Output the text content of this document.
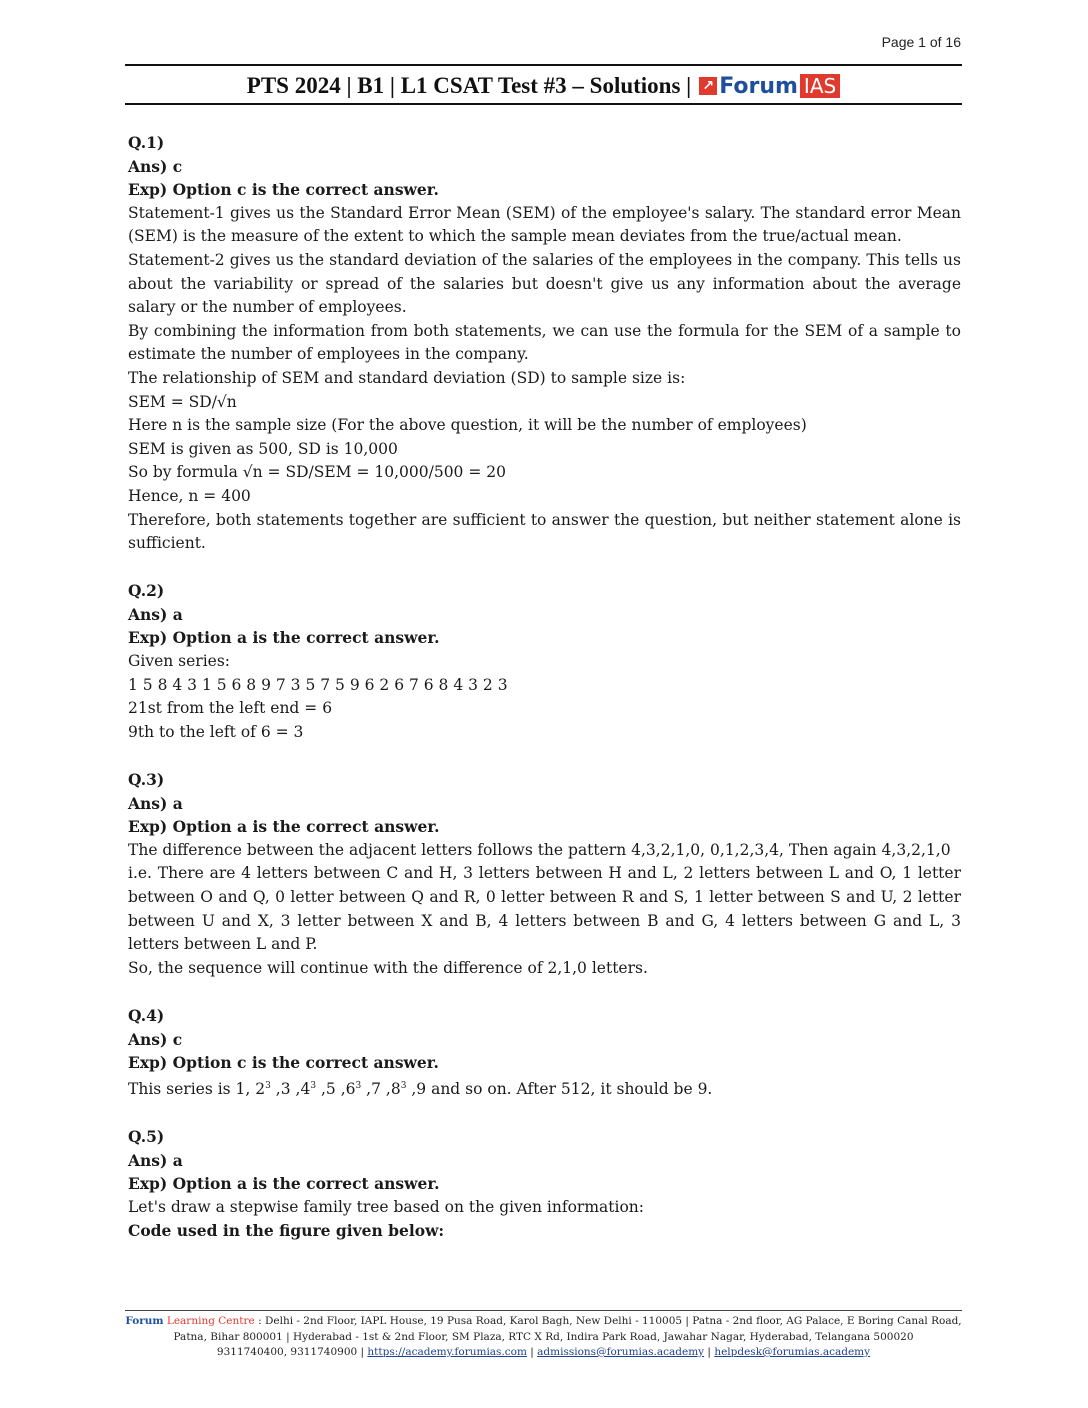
Page 1 of 16
PTS 2024 | B1 | L1 CSAT Test #3 – Solutions | ↗ Forum IAS

Q.1)

Ans) c

Exp) Option c is the correct answer.

Statement-1 gives us the Standard Error Mean (SEM) of the employee's salary. The standard error Mean (SEM) is the measure of the extent to which the sample mean deviates from the true/actual mean.

Statement-2 gives us the standard deviation of the salaries of the employees in the company. This tells us about the variability or spread of the salaries but doesn't give us any information about the average salary or the number of employees.

By combining the information from both statements, we can use the formula for the SEM of a sample to estimate the number of employees in the company.

The relationship of SEM and standard deviation (SD) to sample size is:

SEM = SD/√n

Here n is the sample size (For the above question, it will be the number of employees)

SEM is given as 500, SD is 10,000

So by formula √n = SD/SEM = 10,000/500 = 20

Hence, n = 400

Therefore, both statements together are sufficient to answer the question, but neither statement alone is sufficient.

Q.2)

Ans) a

Exp) Option a is the correct answer.

Given series:

1 5 8 4 3 1 5 6 8 9 7 3 5 7 5 9 6 2 6 7 6 8 4 3 2 3

21st from the left end = 6

9th to the left of 6 = 3

Q.3)

Ans) a

Exp) Option a is the correct answer.

The difference between the adjacent letters follows the pattern 4,3,2,1,0, 0,1,2,3,4, Then again 4,3,2,1,0

i.e. There are 4 letters between C and H, 3 letters between H and L, 2 letters between L and O, 1 letter between O and Q, 0 letter between Q and R, 0 letter between R and S, 1 letter between S and U, 2 letter between U and X, 3 letter between X and B, 4 letters between B and G, 4 letters between G and L, 3 letters between L and P.

So, the sequence will continue with the difference of 2,1,0 letters.

Q.4)

Ans) c

Exp) Option c is the correct answer.

This series is 1, $2^3$ ,3 $,4^3$ ,5 $,6^3$ ,7 $,8^3$ ,9 and so on. After 512, it should be 9.

Q.5)

Ans) a

Exp) Option a is the correct answer.

Let's draw a stepwise family tree based on the given information:

Code used in the figure given below:

Forum Learning Centre : Delhi - 2nd Floor, IAPL House, 19 Pusa Road, Karol Bagh, New Delhi - 110005 | Patna - 2nd floor, AG Palace, E Boring Canal Road, Patna, Bihar 800001 | Hyderabad - 1st & 2nd Floor, SM Plaza, RTC X Rd, Indira Park Road, Jawahar Nagar, Hyderabad, Telangana 500020
9311740400, 9311740900 | https://academy.forumias.com | admissions@forumias.academy | helpdesk@forumias.academy
